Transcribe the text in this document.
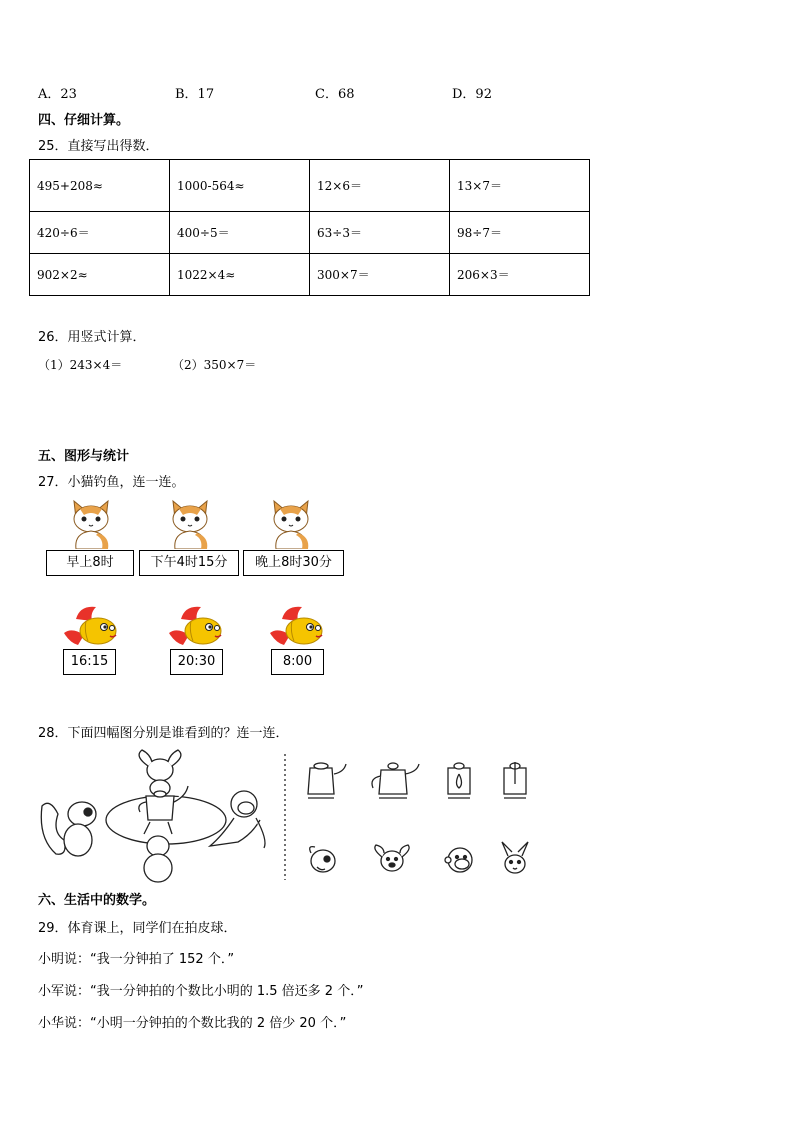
A．23	B．17	C．68	D．92
四、仔细计算。
25．直接写出得数．
495+208≈	1000-564≈	12×6＝	13×7＝
420÷6＝	400÷5＝	63÷3＝	98÷7＝
902×2≈	1022×4≈	300×7＝	206×3＝
26．用竖式计算．
（1）243×4＝	（2）350×7＝
五、图形与统计
27．小猫钓鱼，连一连。
早上8时	下午4时15分	晚上8时30分
16:15	20:30	8:00
28．下面四幅图分别是谁看到的？连一连．
六、生活中的数学。
29．体育课上，同学们在拍皮球．
小明说：“我一分钟拍了 152 个．”
小军说：“我一分钟拍的个数比小明的 1.5 倍还多 2 个．”
小华说：“小明一分钟拍的个数比我的 2 倍少 20 个．”
